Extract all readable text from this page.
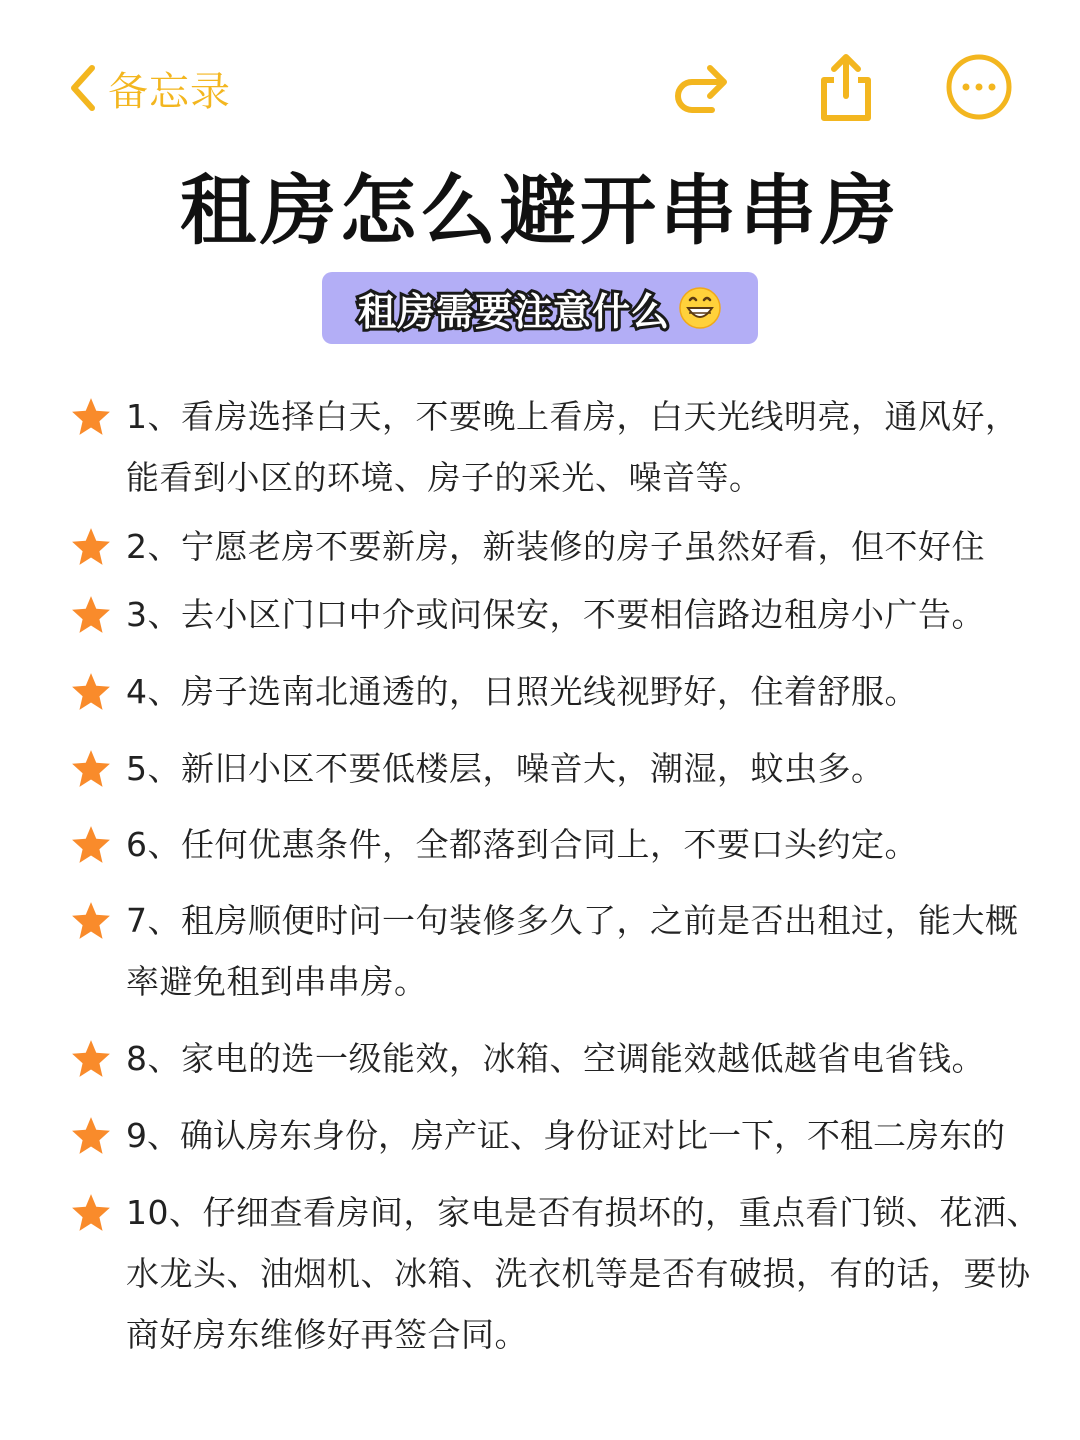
备忘录
租房怎么避开串串房
租房需要注意什么
1、看房选择白天，不要晚上看房，白天光线明亮，通风好，能看到小区的环境、房子的采光、噪音等。
2、宁愿老房不要新房，新装修的房子虽然好看，但不好住
3、去小区门口中介或问保安，不要相信路边租房小广告。
4、房子选南北通透的，日照光线视野好，住着舒服。
5、新旧小区不要低楼层，噪音大，潮湿，蚊虫多。
6、任何优惠条件，全都落到合同上，不要口头约定。
7、租房顺便时问一句装修多久了，之前是否出租过，能大概率避免租到串串房。
8、家电的选一级能效，冰箱、空调能效越低越省电省钱。
9、确认房东身份，房产证、身份证对比一下，不租二房东的
10、仔细查看房间，家电是否有损坏的，重点看门锁、花洒、水龙头、油烟机、冰箱、洗衣机等是否有破损，有的话，要协商好房东维修好再签合同。
